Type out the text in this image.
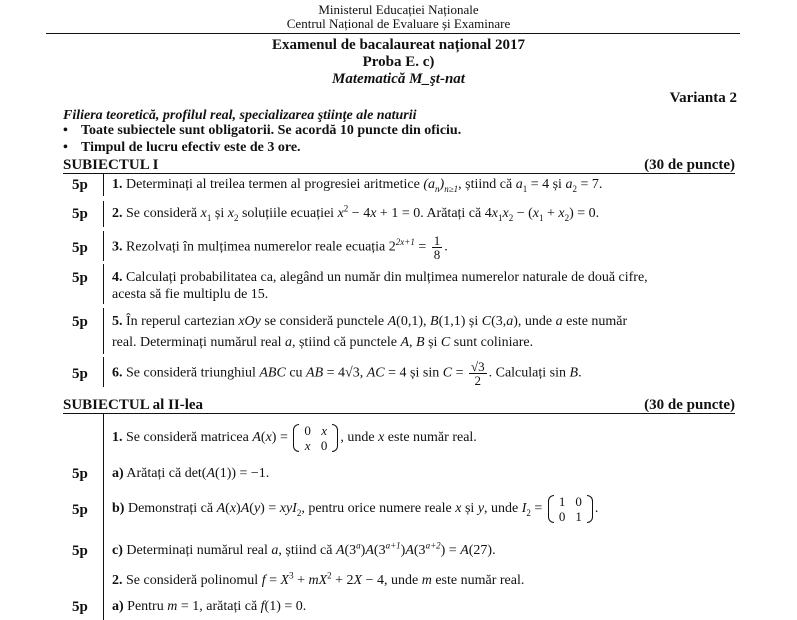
Ministerul Educației Naționale
Centrul Național de Evaluare și Examinare
Examenul de bacalaureat național 2017
Proba E. c)
Matematică M_şt-nat
Varianta 2
Filiera teoretică, profilul real, specializarea ştiinţe ale naturii
• Toate subiectele sunt obligatorii. Se acordă 10 puncte din oficiu.
• Timpul de lucru efectiv este de 3 ore.
SUBIECTUL I	(30 de puncte)
5p	1. Determinați al treilea termen al progresiei aritmetice $(a_n)_{n\ge 1}$, știind că $a_1 = 4$ și $a_2 = 7$.
5p	2. Se consideră $x_1$ și $x_2$ soluțiile ecuației $x^2 - 4x + 1 = 0$. Arătați că $4x_1x_2 - (x_1 + x_2) = 0$.
5p	3. Rezolvați în mulțimea numerelor reale ecuația $2^{2x+1} = \frac{1}{8}$ .
5p	4. Calculați probabilitatea ca, alegând un număr din mulțimea numerelor naturale de două cifre,
acesta să fie multiplu de 15.
5p	5. În reperul cartezian xOy se consideră punctele A(0,1), B(1,1) și C(3,a), unde a este număr
real. Determinați numărul real a, știind că punctele A, B și C sunt coliniare.
5p	6. Se consideră triunghiul ABC cu AB = 4√3, AC = 4 și $\sin C = \frac{√3}{2}$ . Calculați sin B.
SUBIECTUL al II-lea	(30 de puncte)
1. Se consideră matricea A(x) = 0	x
x	0
, unde x este număr real.
5p	a) Arătați că det(A(1)) = −1.
5p	b) Demonstrați că A(x)A(y) = xyI$_2$, pentru orice numere reale x și y, unde $I_2 = 1$	0
0	1
.
5p	c) Determinați numărul real a, știind că $A(3^a)A(3^{a+1})A(3^{a+2}) = A(27)$.
2. Se consideră polinomul $f = X^3 + mX^2 + 2X - 4$, unde m este număr real.
5p	a) Pentru m = 1, arătați că f(1) = 0.
